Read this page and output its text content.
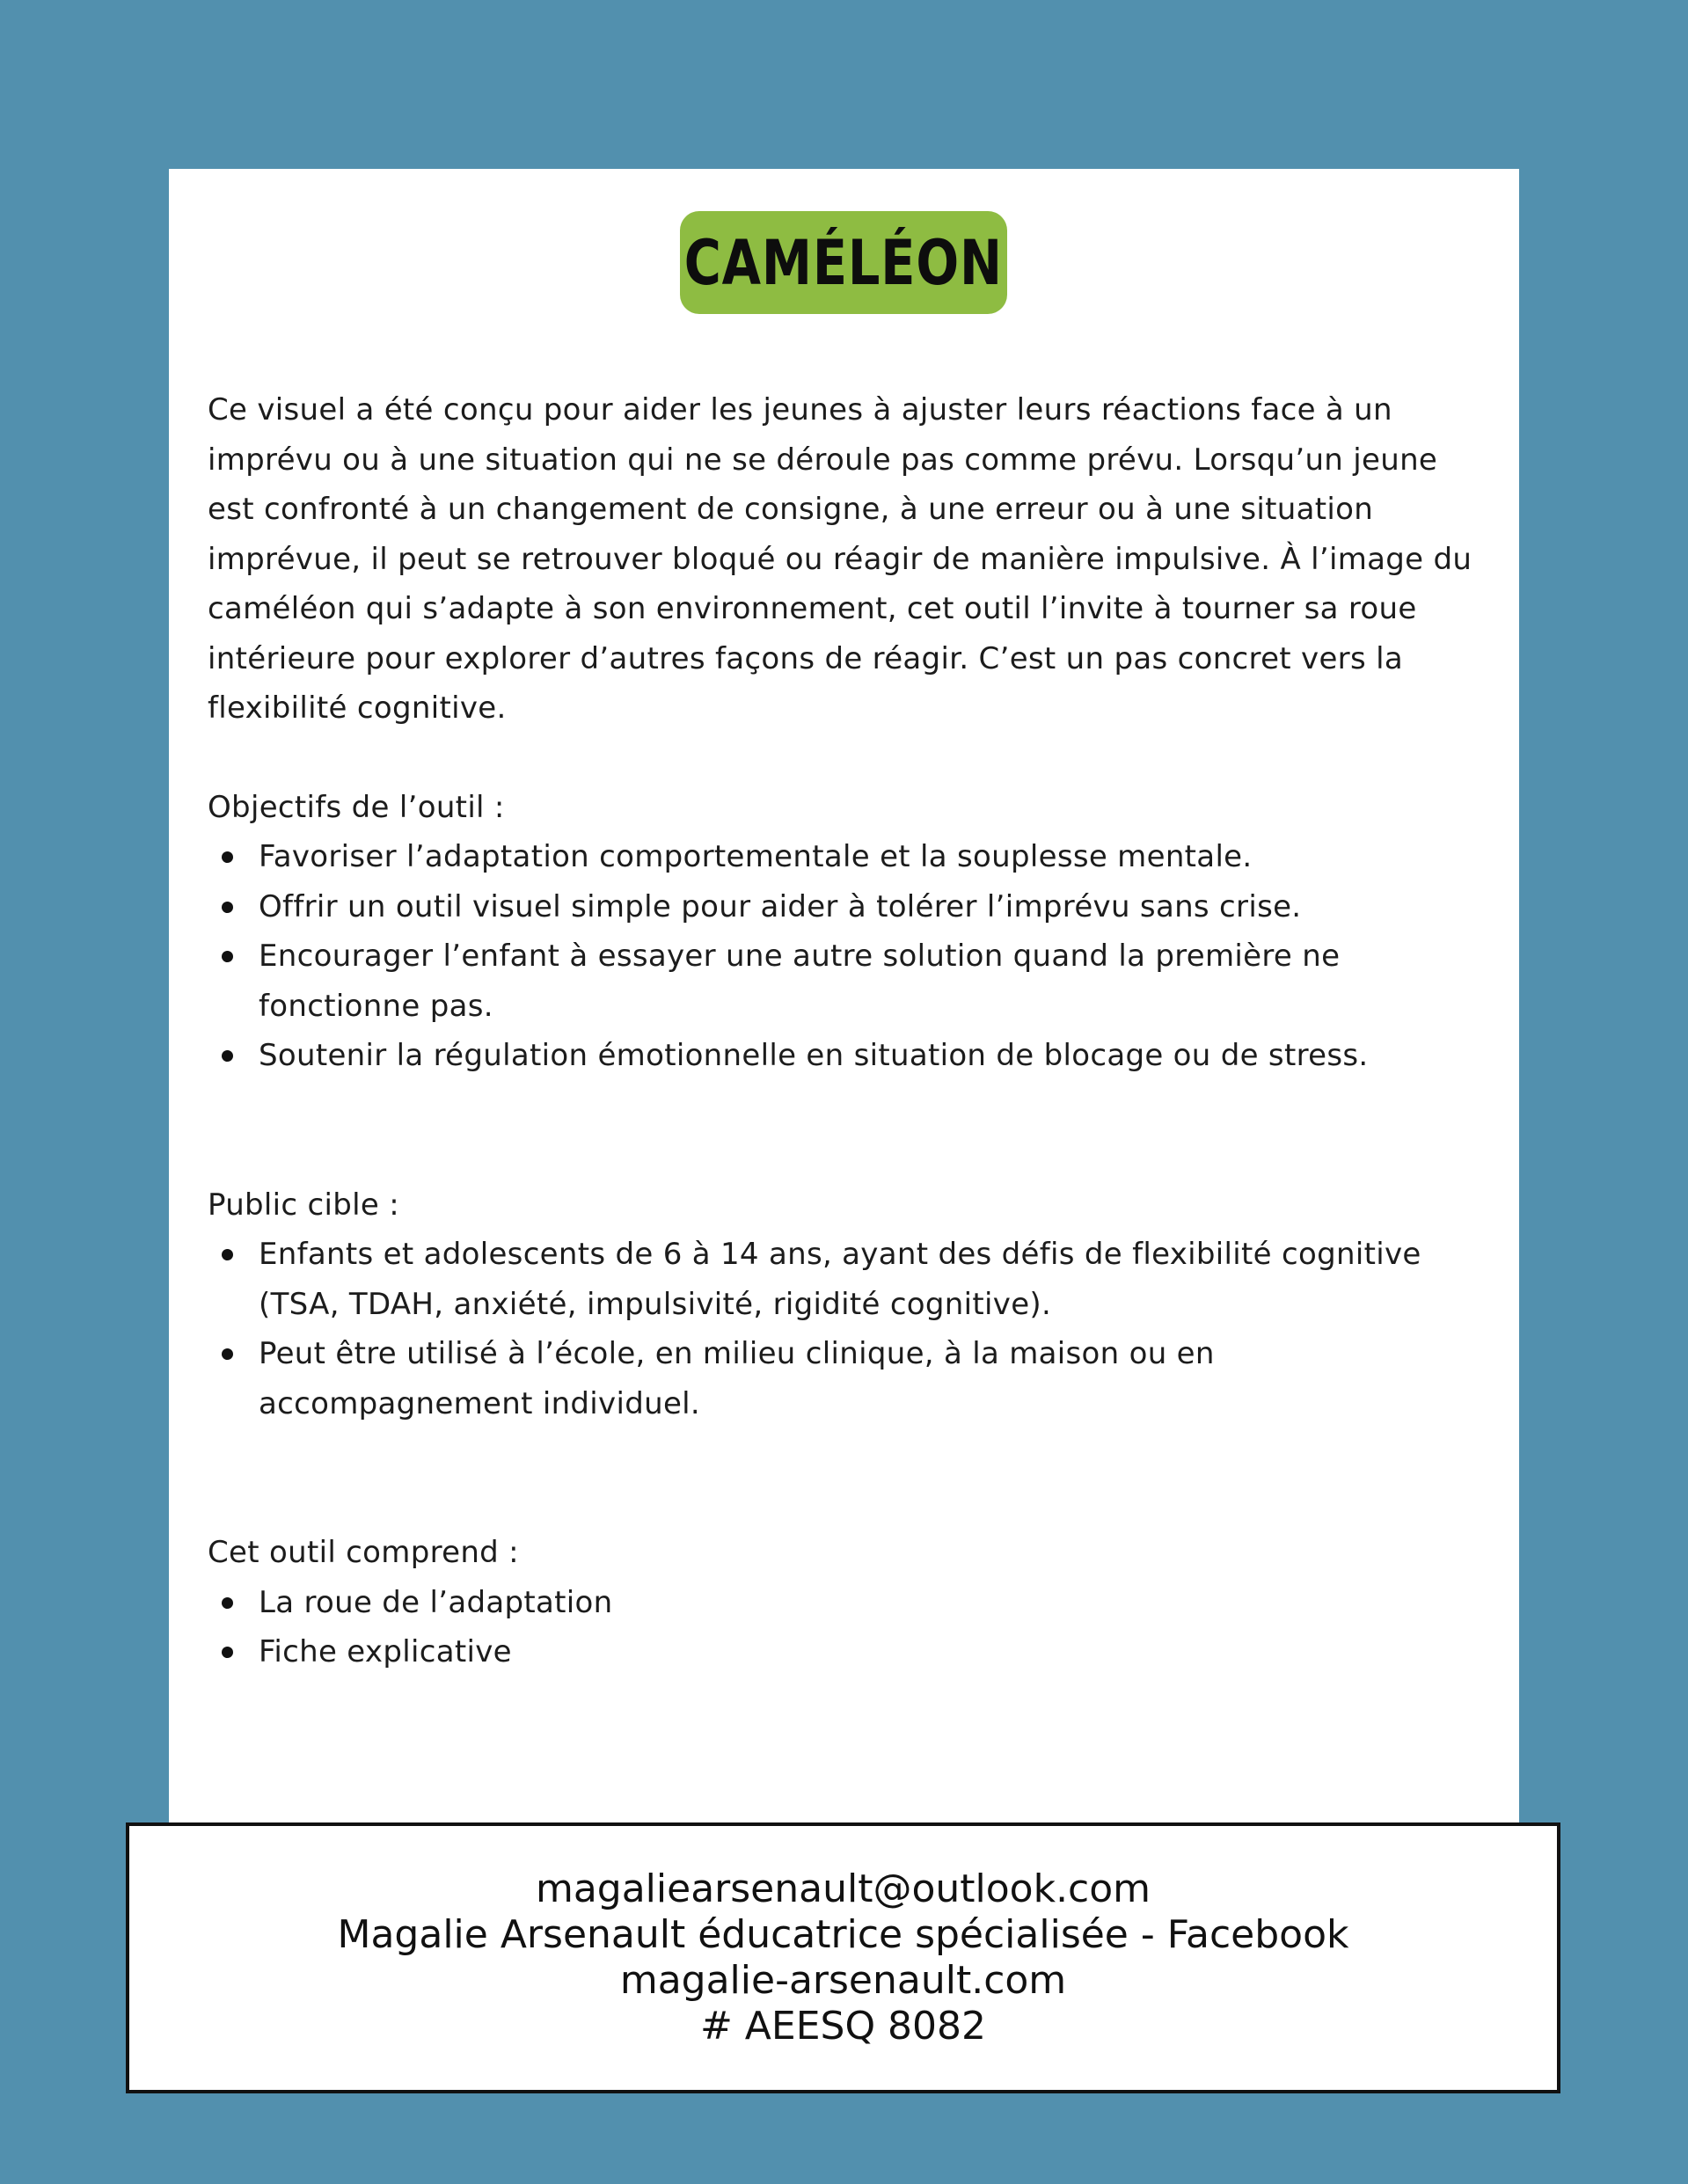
CAMÉLÉON

Ce visuel a été conçu pour aider les jeunes à ajuster leurs réactions face à un imprévu ou à une situation qui ne se déroule pas comme prévu. Lorsqu’un jeune est confronté à un changement de consigne, à une erreur ou à une situation imprévue, il peut se retrouver bloqué ou réagir de manière impulsive. À l’image du caméléon qui s’adapte à son environnement, cet outil l’invite à tourner sa roue intérieure pour explorer d’autres façons de réagir. C’est un pas concret vers la flexibilité cognitive.

Objectifs de l’outil :

Favoriser l’adaptation comportementale et la souplesse mentale.
Offrir un outil visuel simple pour aider à tolérer l’imprévu sans crise.
Encourager l’enfant à essayer une autre solution quand la première ne fonctionne pas.
Soutenir la régulation émotionnelle en situation de blocage ou de stress.

Public cible :

Enfants et adolescents de 6 à 14 ans, ayant des défis de flexibilité cognitive (TSA, TDAH, anxiété, impulsivité, rigidité cognitive).
Peut être utilisé à l’école, en milieu clinique, à la maison ou en accompagnement individuel.

Cet outil comprend :

La roue de l’adaptation
Fiche explicative
magaliearsenault@outlook.com
Magalie Arsenault éducatrice spécialisée - Facebook
magalie-arsenault.com
# AEESQ 8082
